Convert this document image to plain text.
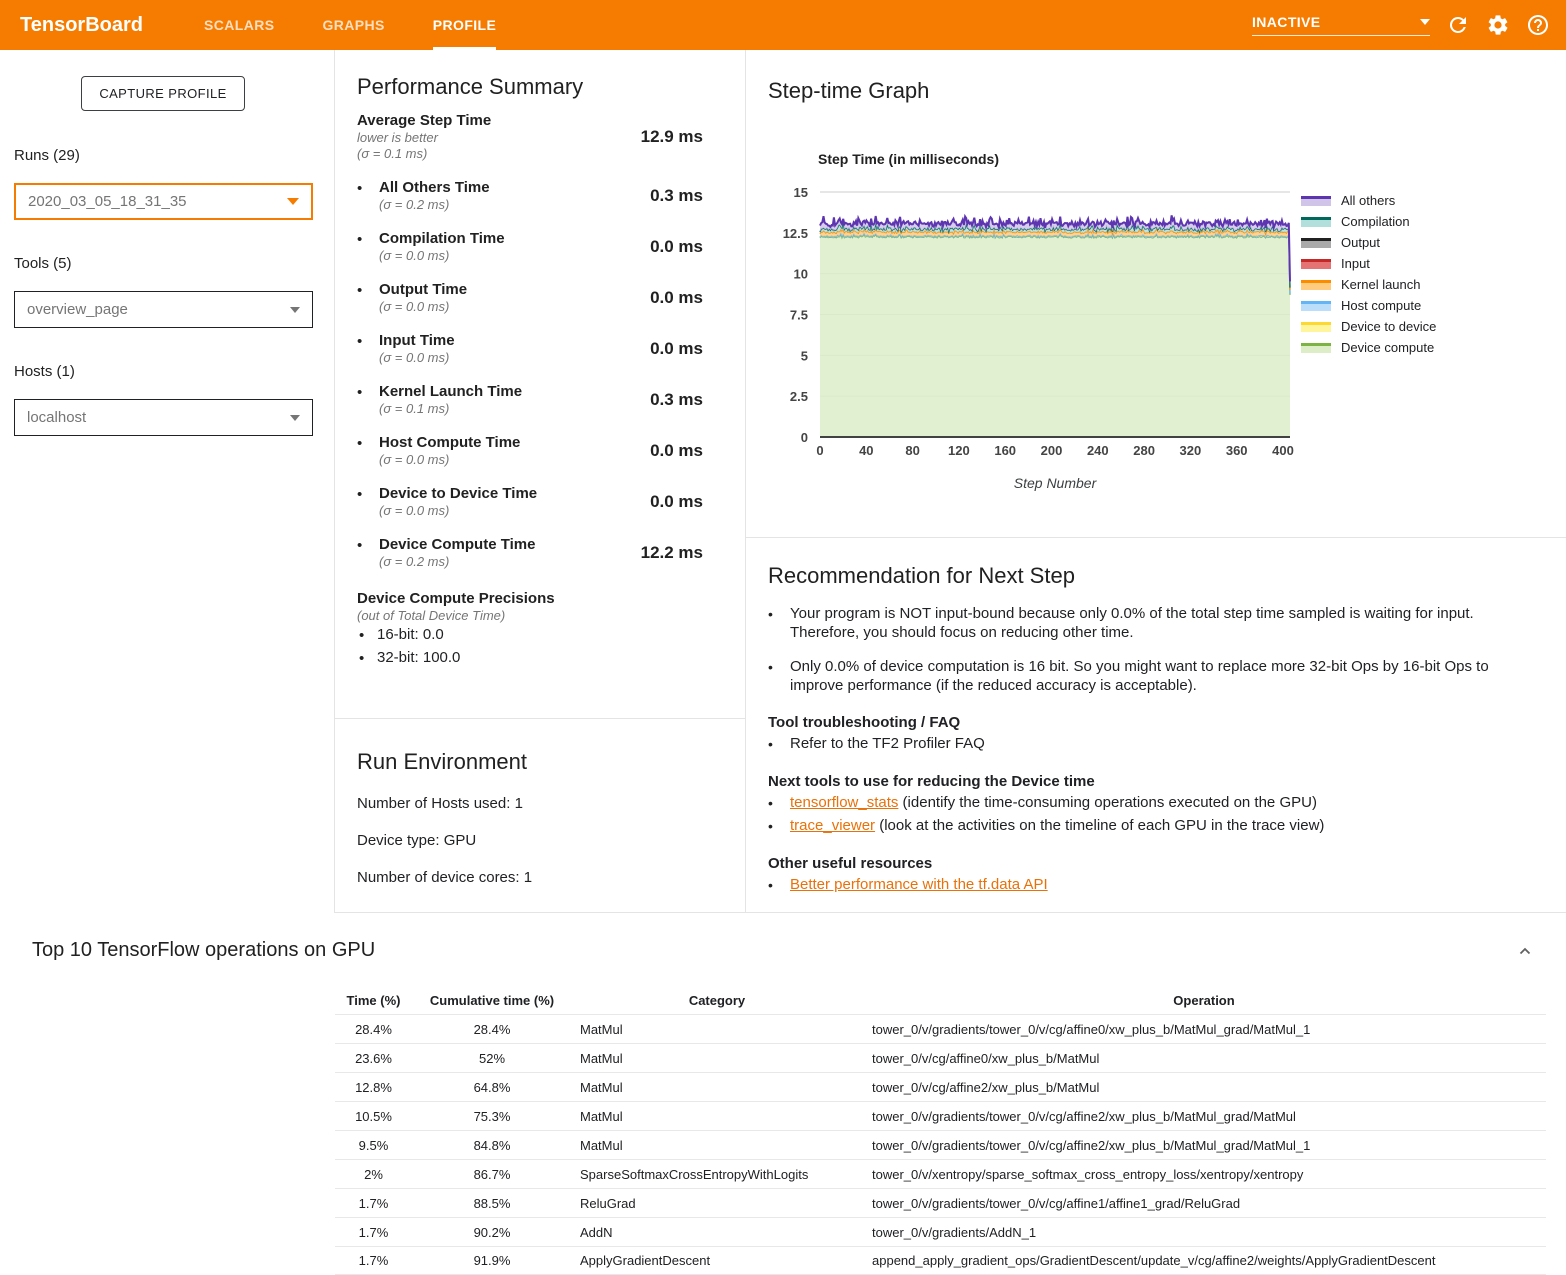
TensorBoard	SCALARS	GRAPHS	PROFILE	INACTIVE
CAPTURE PROFILE
Runs (29)
2020_03_05_18_31_35
Tools (5)
overview_page
Hosts (1)
localhost
Performance Summary
Average Step Time
lower is better
(σ = 0.1 ms)
12.9 ms
•	All Others Time
(σ = 0.2 ms)	0.3 ms
•	Compilation Time
(σ = 0.0 ms)	0.0 ms
•	Output Time
(σ = 0.0 ms)	0.0 ms
•	Input Time
(σ = 0.0 ms)	0.0 ms
•	Kernel Launch Time
(σ = 0.1 ms)	0.3 ms
•	Host Compute Time
(σ = 0.0 ms)	0.0 ms
•	Device to Device Time
(σ = 0.0 ms)	0.0 ms
•	Device Compute Time
(σ = 0.2 ms)	12.2 ms
Device Compute Precisions
(out of Total Device Time)
• 16-bit: 0.0
• 32-bit: 100.0
Run Environment
Number of Hosts used: 1
Device type: GPU
Number of device cores: 1
Step-time Graph
0
2.5
5
7.5
10
12.5
15
0	40 80 120 160 200 240 280 320 360 400
Step Time (in milliseconds)
Step Number
All others
Compilation
Output
Input
Kernel launch
Host compute
Device to device
Device compute
Recommendation for Next Step
•	Your program is NOT input-bound because only 0.0% of the total step time sampled is waiting for input. Therefore, you should focus on reducing other time.
•	Only 0.0% of device computation is 16 bit. So you might want to replace more 32-bit Ops by 16-bit Ops to improve performance (if the reduced accuracy is acceptable).
Tool troubleshooting / FAQ
•	Refer to the TF2 Profiler FAQ
Next tools to use for reducing the Device time
•	tensorflow_stats (identify the time-consuming operations executed on the GPU)
•	trace_viewer (look at the activities on the timeline of each GPU in the trace view)
Other useful resources
•	Better performance with the tf.data API
Top 10 TensorFlow operations on GPU
Time (%)	Cumulative time (%)	Category	Operation
28.4%	28.4%	MatMul	tower_0/v/gradients/tower_0/v/cg/affine0/xw_plus_b/MatMul_grad/MatMul_1
23.6%	52%	MatMul	tower_0/v/cg/affine0/xw_plus_b/MatMul
12.8%	64.8%	MatMul	tower_0/v/cg/affine2/xw_plus_b/MatMul
10.5%	75.3%	MatMul	tower_0/v/gradients/tower_0/v/cg/affine2/xw_plus_b/MatMul_grad/MatMul
9.5%	84.8%	MatMul	tower_0/v/gradients/tower_0/v/cg/affine2/xw_plus_b/MatMul_grad/MatMul_1
2%	86.7%	SparseSoftmaxCrossEntropyWithLogits	tower_0/v/xentropy/sparse_softmax_cross_entropy_loss/xentropy/xentropy
1.7%	88.5%	ReluGrad	tower_0/v/gradients/tower_0/v/cg/affine1/affine1_grad/ReluGrad
1.7%	90.2%	AddN	tower_0/v/gradients/AddN_1
1.7%	91.9%	ApplyGradientDescent	append_apply_gradient_ops/GradientDescent/update_v/cg/affine2/weights/ApplyGradientDescent
